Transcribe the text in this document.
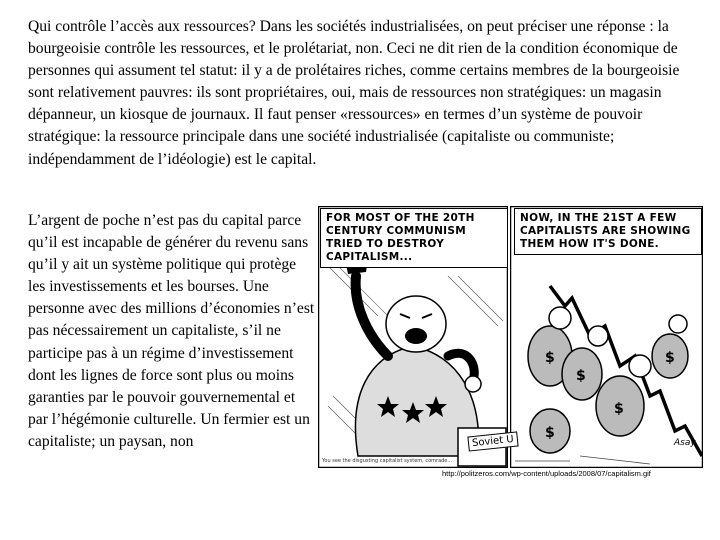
Qui contrôle l’accès aux ressources? Dans les sociétés industrialisées, on peut préciser une réponse : la bourgeoisie contrôle les ressources, et le prolétariat, non. Ceci ne dit rien de la condition économique de personnes qui assument tel statut: il y a de prolétaires riches, comme certains membres de la bourgeoisie sont relativement pauvres: ils sont propriétaires, oui, mais de ressources non stratégiques: un magasin dépanneur, un kiosque de journaux. Il faut penser «ressources» en termes d’un système de pouvoir stratégique: la ressource principale dans une société industrialisée (capitaliste ou communiste; indépendamment de l’idéologie) est le capital.

L’argent de poche n’est pas du capital parce qu’il est incapable de générer du revenu sans qu’il y ait un système politique qui protège les investissements et les bourses. Une personne avec des millions d’économies n’est pas nécessairement un capitaliste, s’il ne participe pas à un régime d’investissement dont les lignes de force sont plus ou moins garanties par le pouvoir gouvernemental et par l’hégémonie culturelle. Un fermier est un capitaliste; un paysan, non

$
$
$
$
$
FOR MOST OF THE 20TH CENTURY COMMUNISM TRIED TO DESTROY CAPITALISM...
NOW, IN THE 21ST A FEW CAPITALISTS ARE SHOWING THEM HOW IT'S DONE.
Soviet U
You see the disgusting capitalist system, comrade...
Asay
http://politzeros.com/wp-content/uploads/2008/07/capitalism.gif
